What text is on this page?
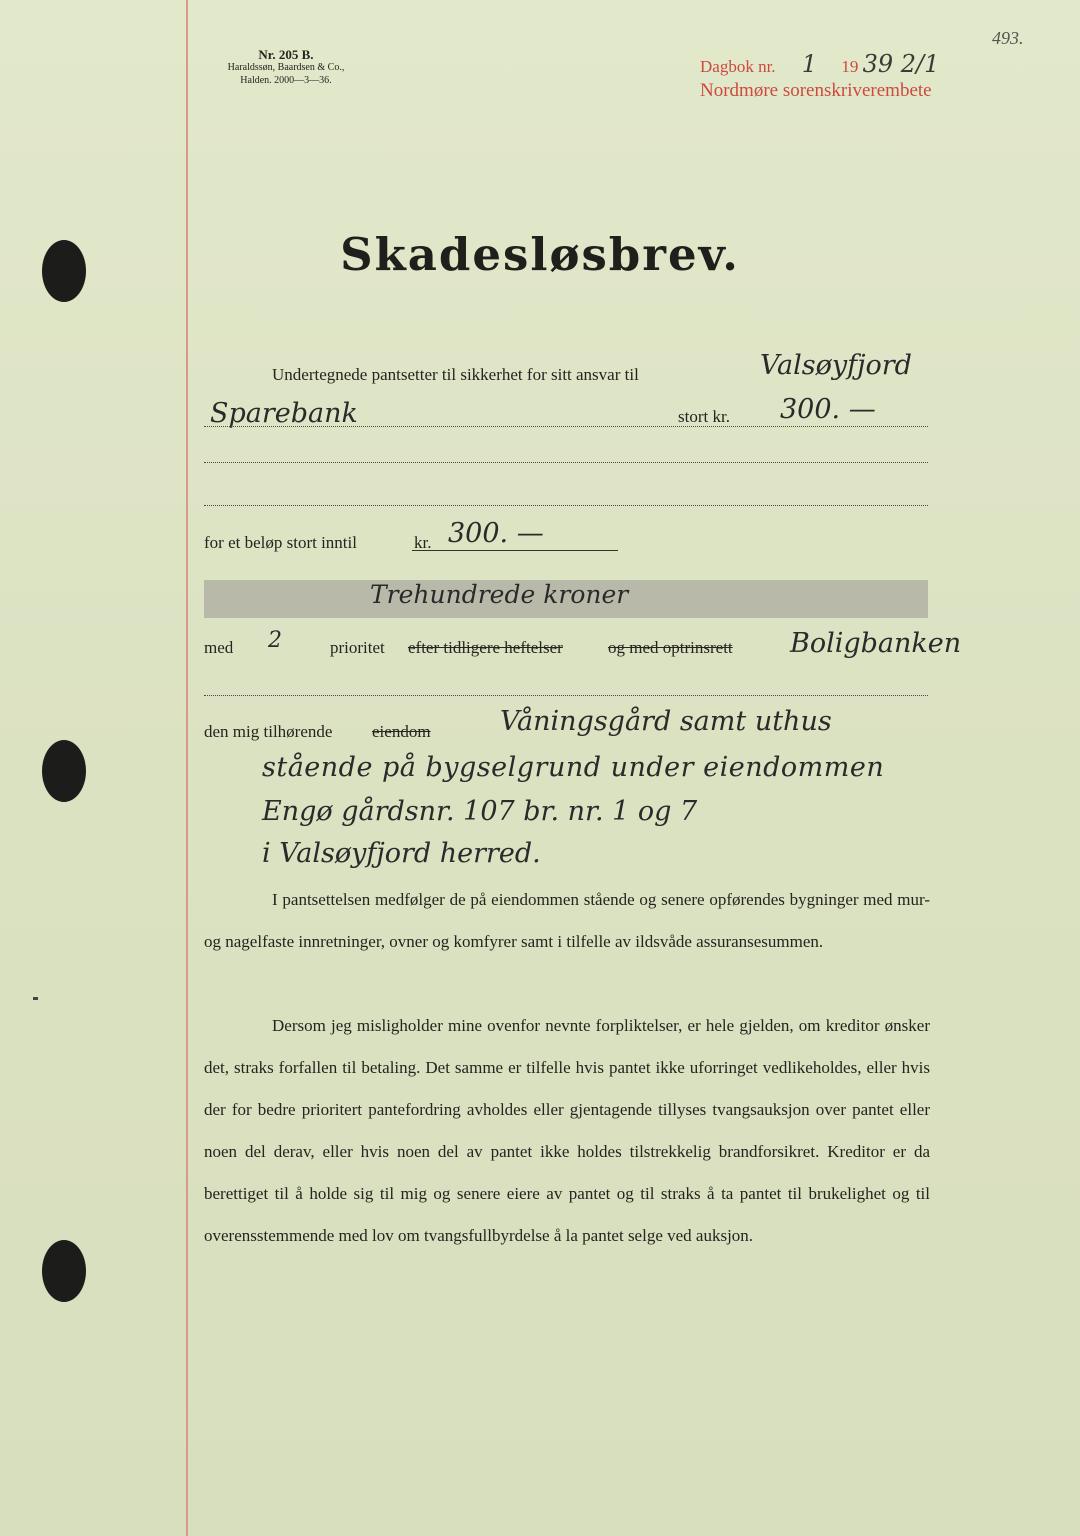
Nr. 205 B.
Haraldssøn, Baardsen & Co.,
Halden. 2000—3—36.
Dagbok nr. 1 19 39 2/1
Nordmøre sorenskriverembete
493.
Skadesløsbrev.
Undertegnede pantsetter til sikkerhet for sitt ansvar til	Valsøyfjord
Sparebank	stort kr. 300. —
for et beløp stort inntil	kr. 300. —
Trehundrede kroner
med 2	prioritet efter tidligere heftelser	og med optrinsrett Boligbanken
den mig tilhørende eiendom	Våningsgård samt uthus
stående på bygselgrund under eiendommen
Engø gårdsnr. 107 br. nr. 1 og 7
i Valsøyfjord herred.

I pantsettelsen medfølger de på eiendommen stående og senere opførendes bygninger med mur- og nagelfaste innretninger, ovner og komfyrer samt i tilfelle av ildsvåde assuransesummen.

Dersom jeg misligholder mine ovenfor nevnte forpliktelser, er hele gjelden, om kreditor ønsker det, straks forfallen til betaling. Det samme er tilfelle hvis pantet ikke uforringet vedlikeholdes, eller hvis der for bedre prioritert pantefordring avholdes eller gjentagende tillyses tvangsauksjon over pantet eller noen del derav, eller hvis noen del av pantet ikke holdes tilstrekkelig brandforsikret. Kreditor er da berettiget til å holde sig til mig og senere eiere av pantet og til straks å ta pantet til brukelighet og til overensstemmende med lov om tvangsfullbyrdelse å la pantet selge ved auksjon.
